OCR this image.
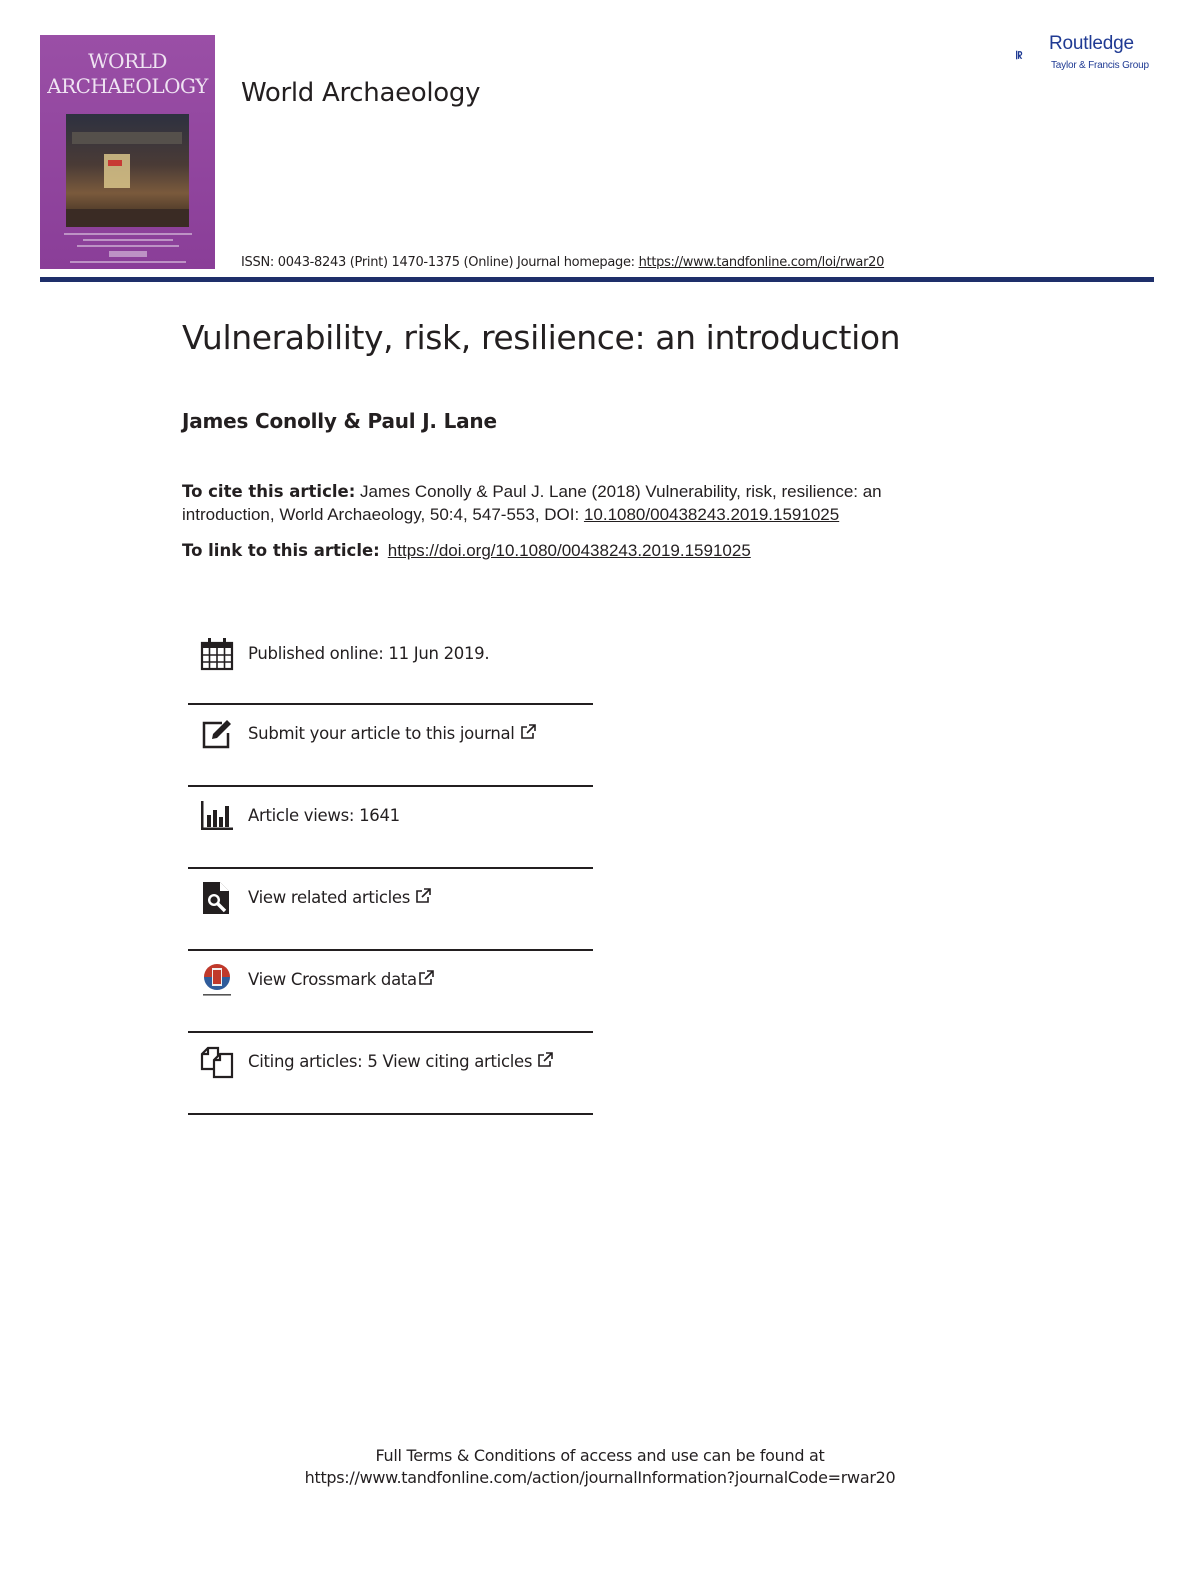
WORLD
ARCHAEOLOGY World Archaeology
ISSN: 0043-8243 (Print) 1470-1375 (Online) Journal homepage: https://www.tandfonline.com/loi/rwar20
Routledge
Taylor & Francis Group
Vulnerability, risk, resilience: an introduction
James Conolly & Paul J. Lane
To cite this article: James Conolly & Paul J. Lane (2018) Vulnerability, risk, resilience: an introduction, World Archaeology, 50:4, 547-553, DOI: 10.1080/00438243.2019.1591025
To link to this article: https://doi.org/10.1080/00438243.2019.1591025
Published online: 11 Jun 2019.
Submit your article to this journal
Article views: 1641
View related articles
View Crossmark data
Citing articles: 5 View citing articles
Full Terms & Conditions of access and use can be found at
https://www.tandfonline.com/action/journalInformation?journalCode=rwar20
